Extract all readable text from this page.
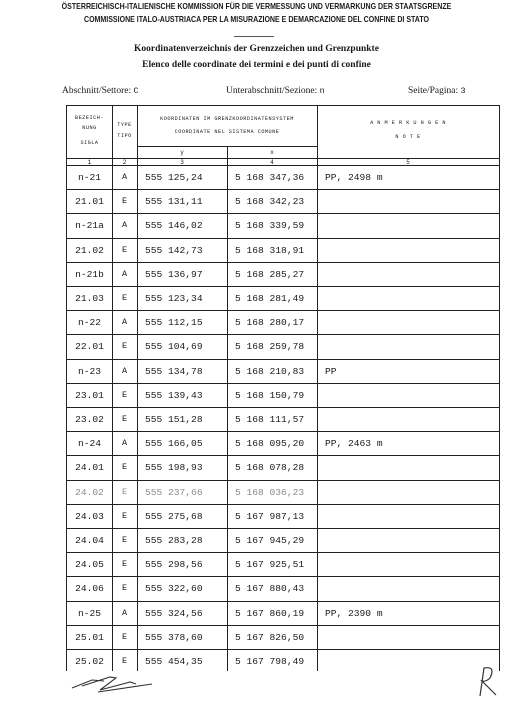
ÖSTERREICHISCH-ITALIENISCHE KOMMISSION FÜR DIE VERMESSUNG UND VERMARKUNG DER STAATSGRENZE
COMMISSIONE ITALO-AUSTRIACA PER LA MISURAZIONE E DEMARCAZIONE DEL CONFINE DI STATO
Koordinatenverzeichnis der Grenzzeichen und Grenzpunkte
Elenco delle coordinate dei termini e dei punti di confine
Abschnitt/Settore: C	Unterabschnitt/Sezione: n	Seite/Pagina: 3
BEZEICH-
NUNG
SIGLA
TYPE
TIPO
KOORDINATEN IM GRENZKOORDINATENSYSTEM
COORDINATE NEL SISTEMA COMUNE
y	x
A N M E R K U N G E N
N O T E
1	2	3	4	5
n-21	A	555 125,24	5 168 347,36	PP, 2498 m
21.01	E	555 131,11	5 168 342,23
n-21a	A	555 146,02	5 168 339,59
21.02	E	555 142,73	5 168 318,91
n-21b	A	555 136,97	5 168 285,27
21.03	E	555 123,34	5 168 281,49
n-22	A	555 112,15	5 168 280,17
22.01	E	555 104,69	5 168 259,78
n-23	A	555 134,78	5 168 210,83	PP
23.01	E	555 139,43	5 168 150,79
23.02	E	555 151,28	5 168 111,57
n-24	A	555 166,05	5 168 095,20	PP, 2463 m
24.01	E	555 198,93	5 168 078,28
24.02	E	555 237,66	5 168 036,23
24.03	E	555 275,68	5 167 987,13
24.04	E	555 283,28	5 167 945,29
24.05	E	555 298,56	5 167 925,51
24.06	E	555 322,60	5 167 880,43
n-25	A	555 324,56	5 167 860,19	PP, 2390 m
25.01	E	555 378,60	5 167 826,50
25.02	E	555 454,35	5 167 798,49
